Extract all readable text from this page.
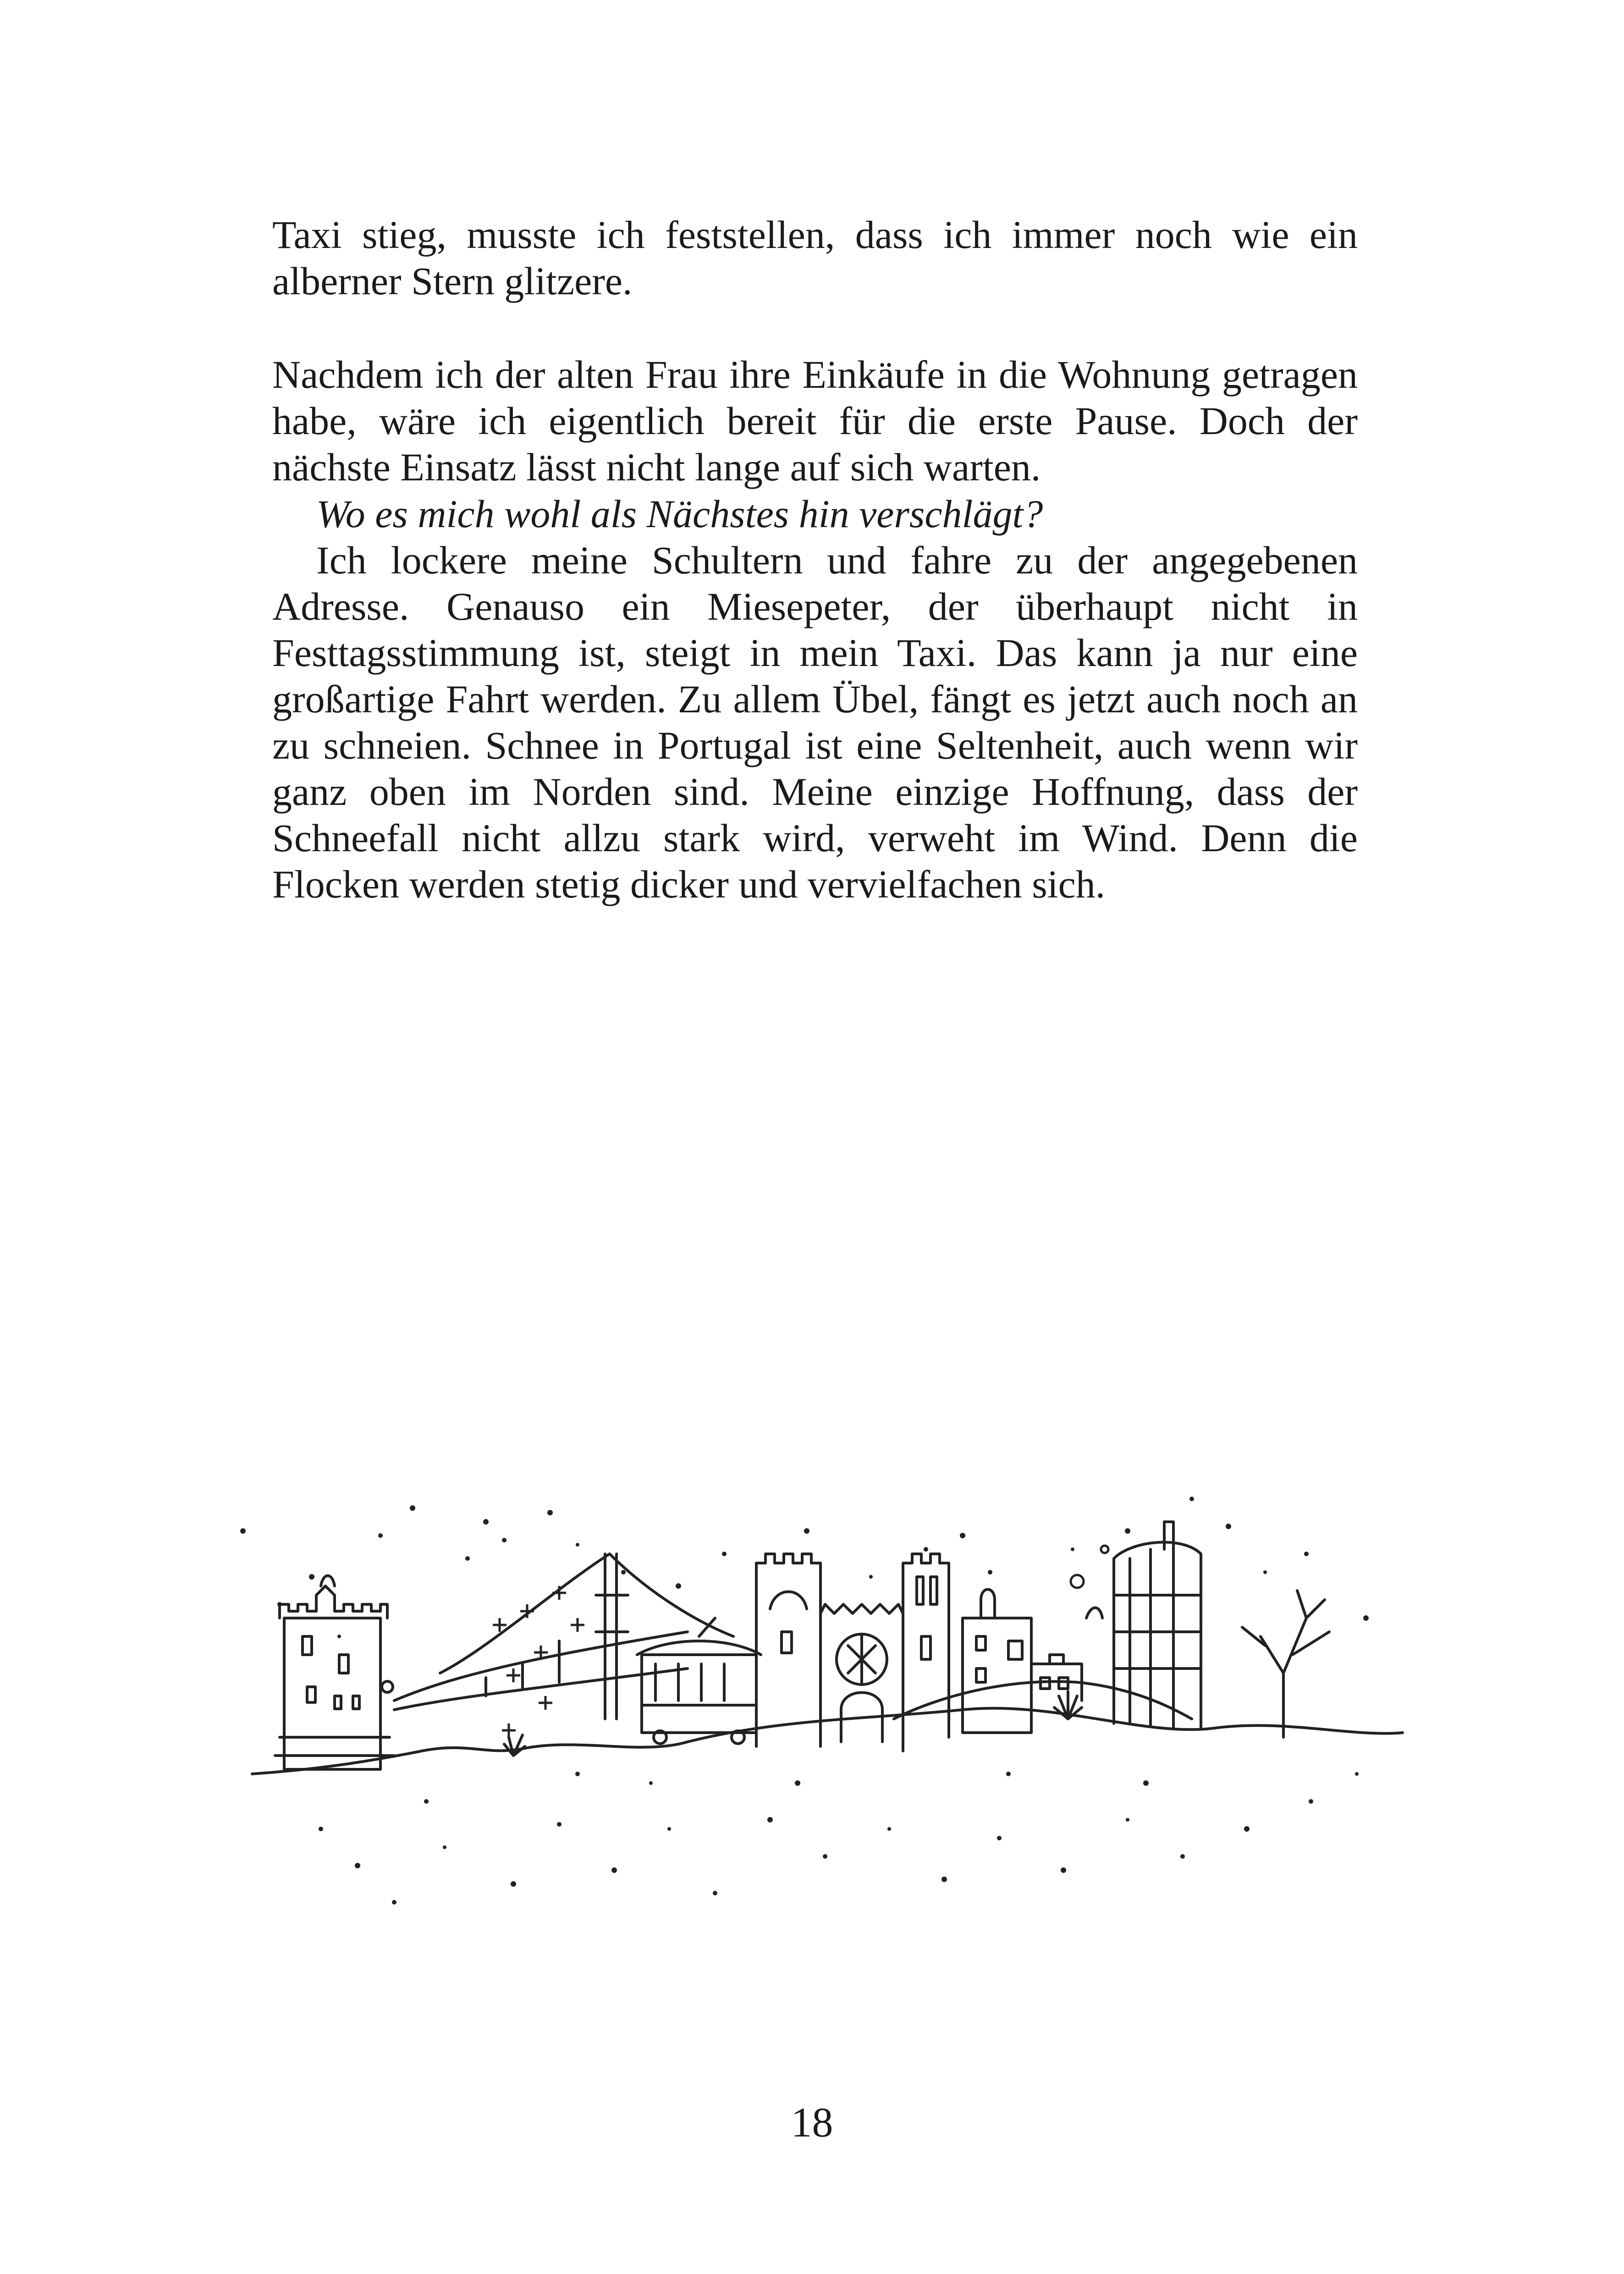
Taxi stieg, musste ich feststellen, dass ich immer noch wie ein alberner Stern glitzere.
Nachdem ich der alten Frau ihre Einkäufe in die Wohnung getragen habe, wäre ich eigentlich bereit für die erste Pause. Doch der nächste Einsatz lässt nicht lange auf sich warten.
Wo es mich wohl als Nächstes hin verschlägt?
Ich lockere meine Schultern und fahre zu der angegebenen Adresse. Genauso ein Miesepeter, der überhaupt nicht in Festtagsstimmung ist, steigt in mein Taxi. Das kann ja nur eine großartige Fahrt werden. Zu allem Übel, fängt es jetzt auch noch an zu schneien. Schnee in Portugal ist eine Seltenheit, auch wenn wir ganz oben im Norden sind. Meine einzige Hoffnung, dass der Schneefall nicht allzu stark wird, verweht im Wind. Denn die Flocken werden stetig dicker und vervielfachen sich.
18
